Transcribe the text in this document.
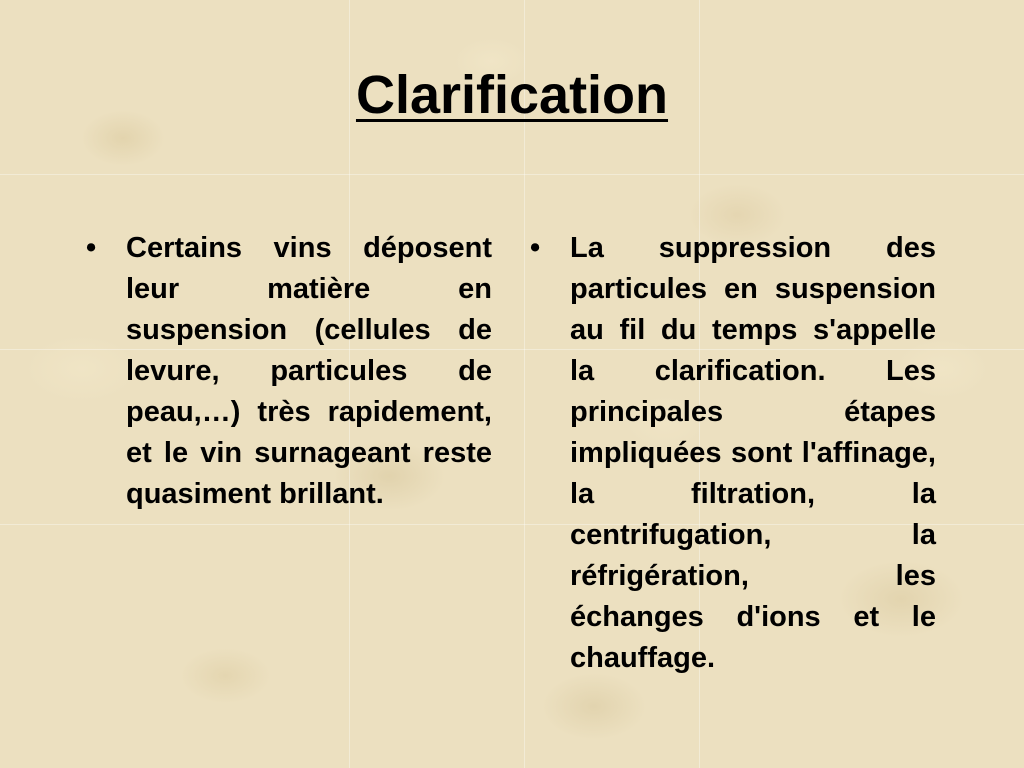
Clarification
• Certains vins déposent leur matière en suspension (cellules de levure, particules de peau,…) très rapidement, et le vin surnageant reste quasiment brillant.
• La suppression des particules en suspension au fil du temps s'appelle la clarification. Les principales étapes impliquées sont l'affinage, la filtration, la centrifugation, la réfrigération, les échanges d'ions et le chauffage.
